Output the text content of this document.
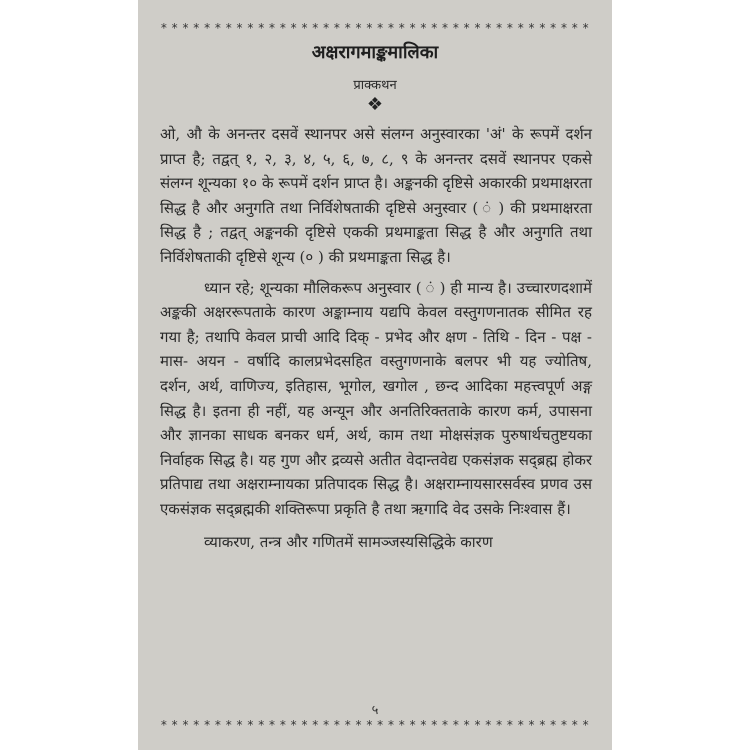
* * * * * * * * * * * * * * * * * * * * * * * * * * * * * * * * * * * * * * * *
अक्षरागमाङ्कमालिका
प्राक्कथन
❖

ओ, औ के अनन्तर दसवें स्थानपर असे संलग्न अनुस्वारका 'अं' के रूपमें दर्शन प्राप्त है; तद्वत् १, २, ३, ४, ५, ६, ७, ८, ९ के अनन्तर दसवें स्थानपर एकसे संलग्न शून्यका १० के रूपमें दर्शन प्राप्त है। अङ्कनकी दृष्टिसे अकारकी प्रथमाक्षरता सिद्ध है और अनुगति तथा निर्विशेषताकी दृष्टिसे अनुस्वार ( ं ) की प्रथमाक्षरता सिद्ध है ; तद्वत् अङ्कनकी दृष्टिसे एककी प्रथमाङ्कता सिद्ध है और अनुगति तथा निर्विशेषताकी दृष्टिसे शून्य (० ) की प्रथमाङ्कता सिद्ध है।

ध्यान रहे; शून्यका मौलिकरूप अनुस्वार ( ं ) ही मान्य है। उच्चारणदशामें अङ्ककी अक्षररूपताके कारण अङ्काम्नाय यद्यपि केवल वस्तुगणनातक सीमित रह गया है; तथापि केवल प्राची आदि दिक् - प्रभेद और क्षण - तिथि - दिन - पक्ष - मास- अयन - वर्षादि कालप्रभेदसहित वस्तुगणनाके बलपर भी यह ज्योतिष, दर्शन, अर्थ, वाणिज्य, इतिहास, भूगोल, खगोल , छन्द आदिका महत्त्वपूर्ण अङ्ग सिद्ध है। इतना ही नहीं, यह अन्यून और अनतिरिक्तताके कारण कर्म, उपासना और ज्ञानका साधक बनकर धर्म, अर्थ, काम तथा मोक्षसंज्ञक पुरुषार्थचतुष्टयका निर्वाहक सिद्ध है। यह गुण और द्रव्यसे अतीत वेदान्तवेद्य एकसंज्ञक सद्ब्रह्म होकर प्रतिपाद्य तथा अक्षराम्नायका प्रतिपादक सिद्ध है। अक्षराम्नायसारसर्वस्व प्रणव उस एकसंज्ञक सद्ब्रह्मकी शक्तिरूपा प्रकृति है तथा ऋगादि वेद उसके निःश्वास हैं।

व्याकरण, तन्त्र और गणितमें सामञ्जस्यसिद्धिके कारण

५
* * * * * * * * * * * * * * * * * * * * * * * * * * * * * * * * * * * * * * * *
